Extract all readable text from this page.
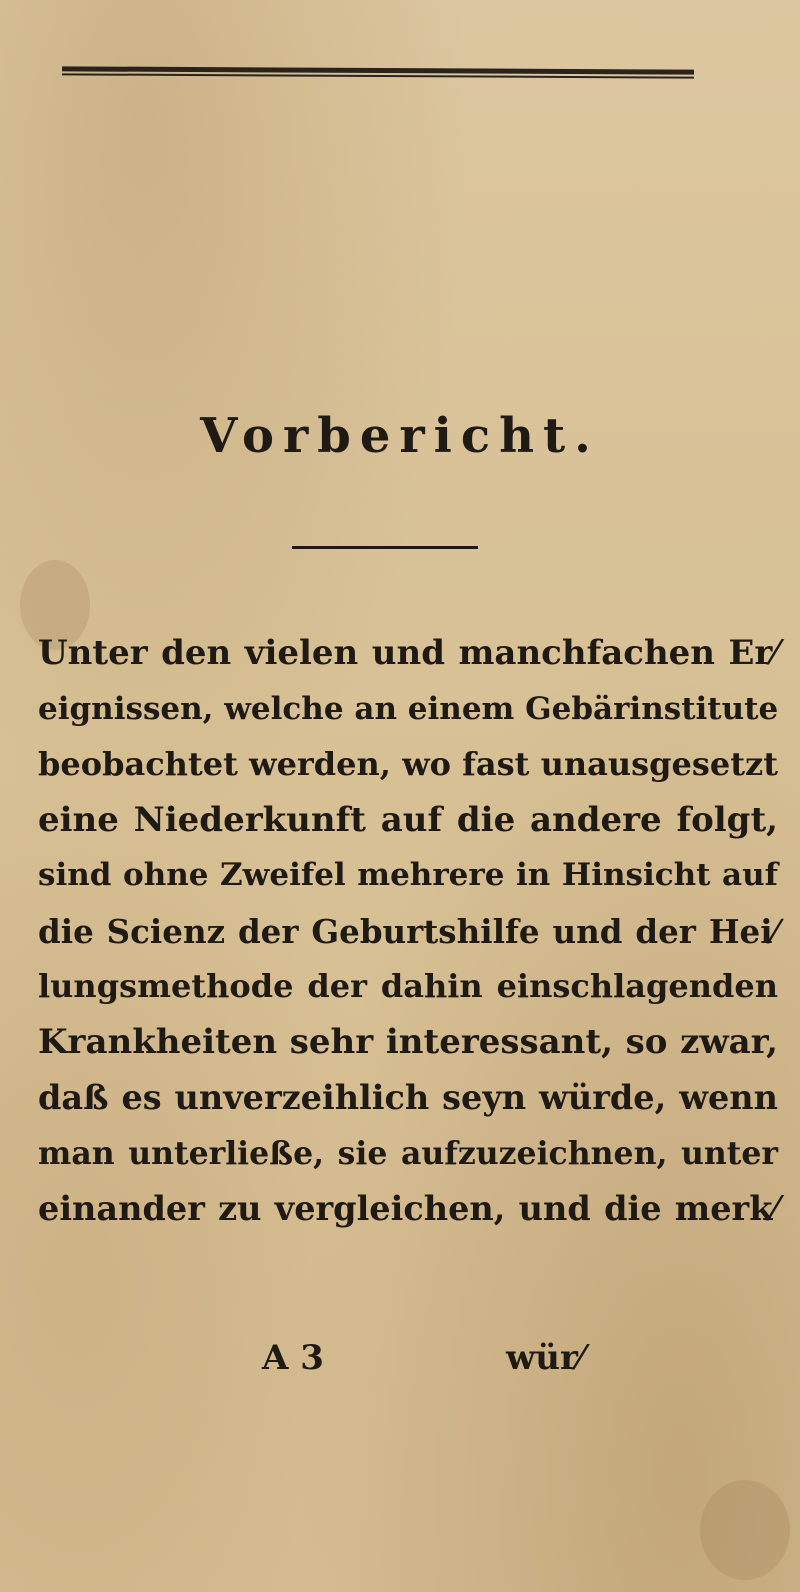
Vorbericht.
Unter den vielen und manchfachen Er⁄
eignissen, welche an einem Gebärinstitute
beobachtet werden, wo fast unausgesetzt
eine Niederkunft auf die andere folgt,
sind ohne Zweifel mehrere in Hinsicht auf
die Scienz der Geburtshilfe und der Hei⁄
lungsmethode der dahin einschlagenden
Krankheiten sehr interessant, so zwar,
daß es unverzeihlich seyn würde, wenn
man unterließe, sie aufzuzeichnen, unter
einander zu vergleichen, und die merk⁄
A 3	wür⁄
